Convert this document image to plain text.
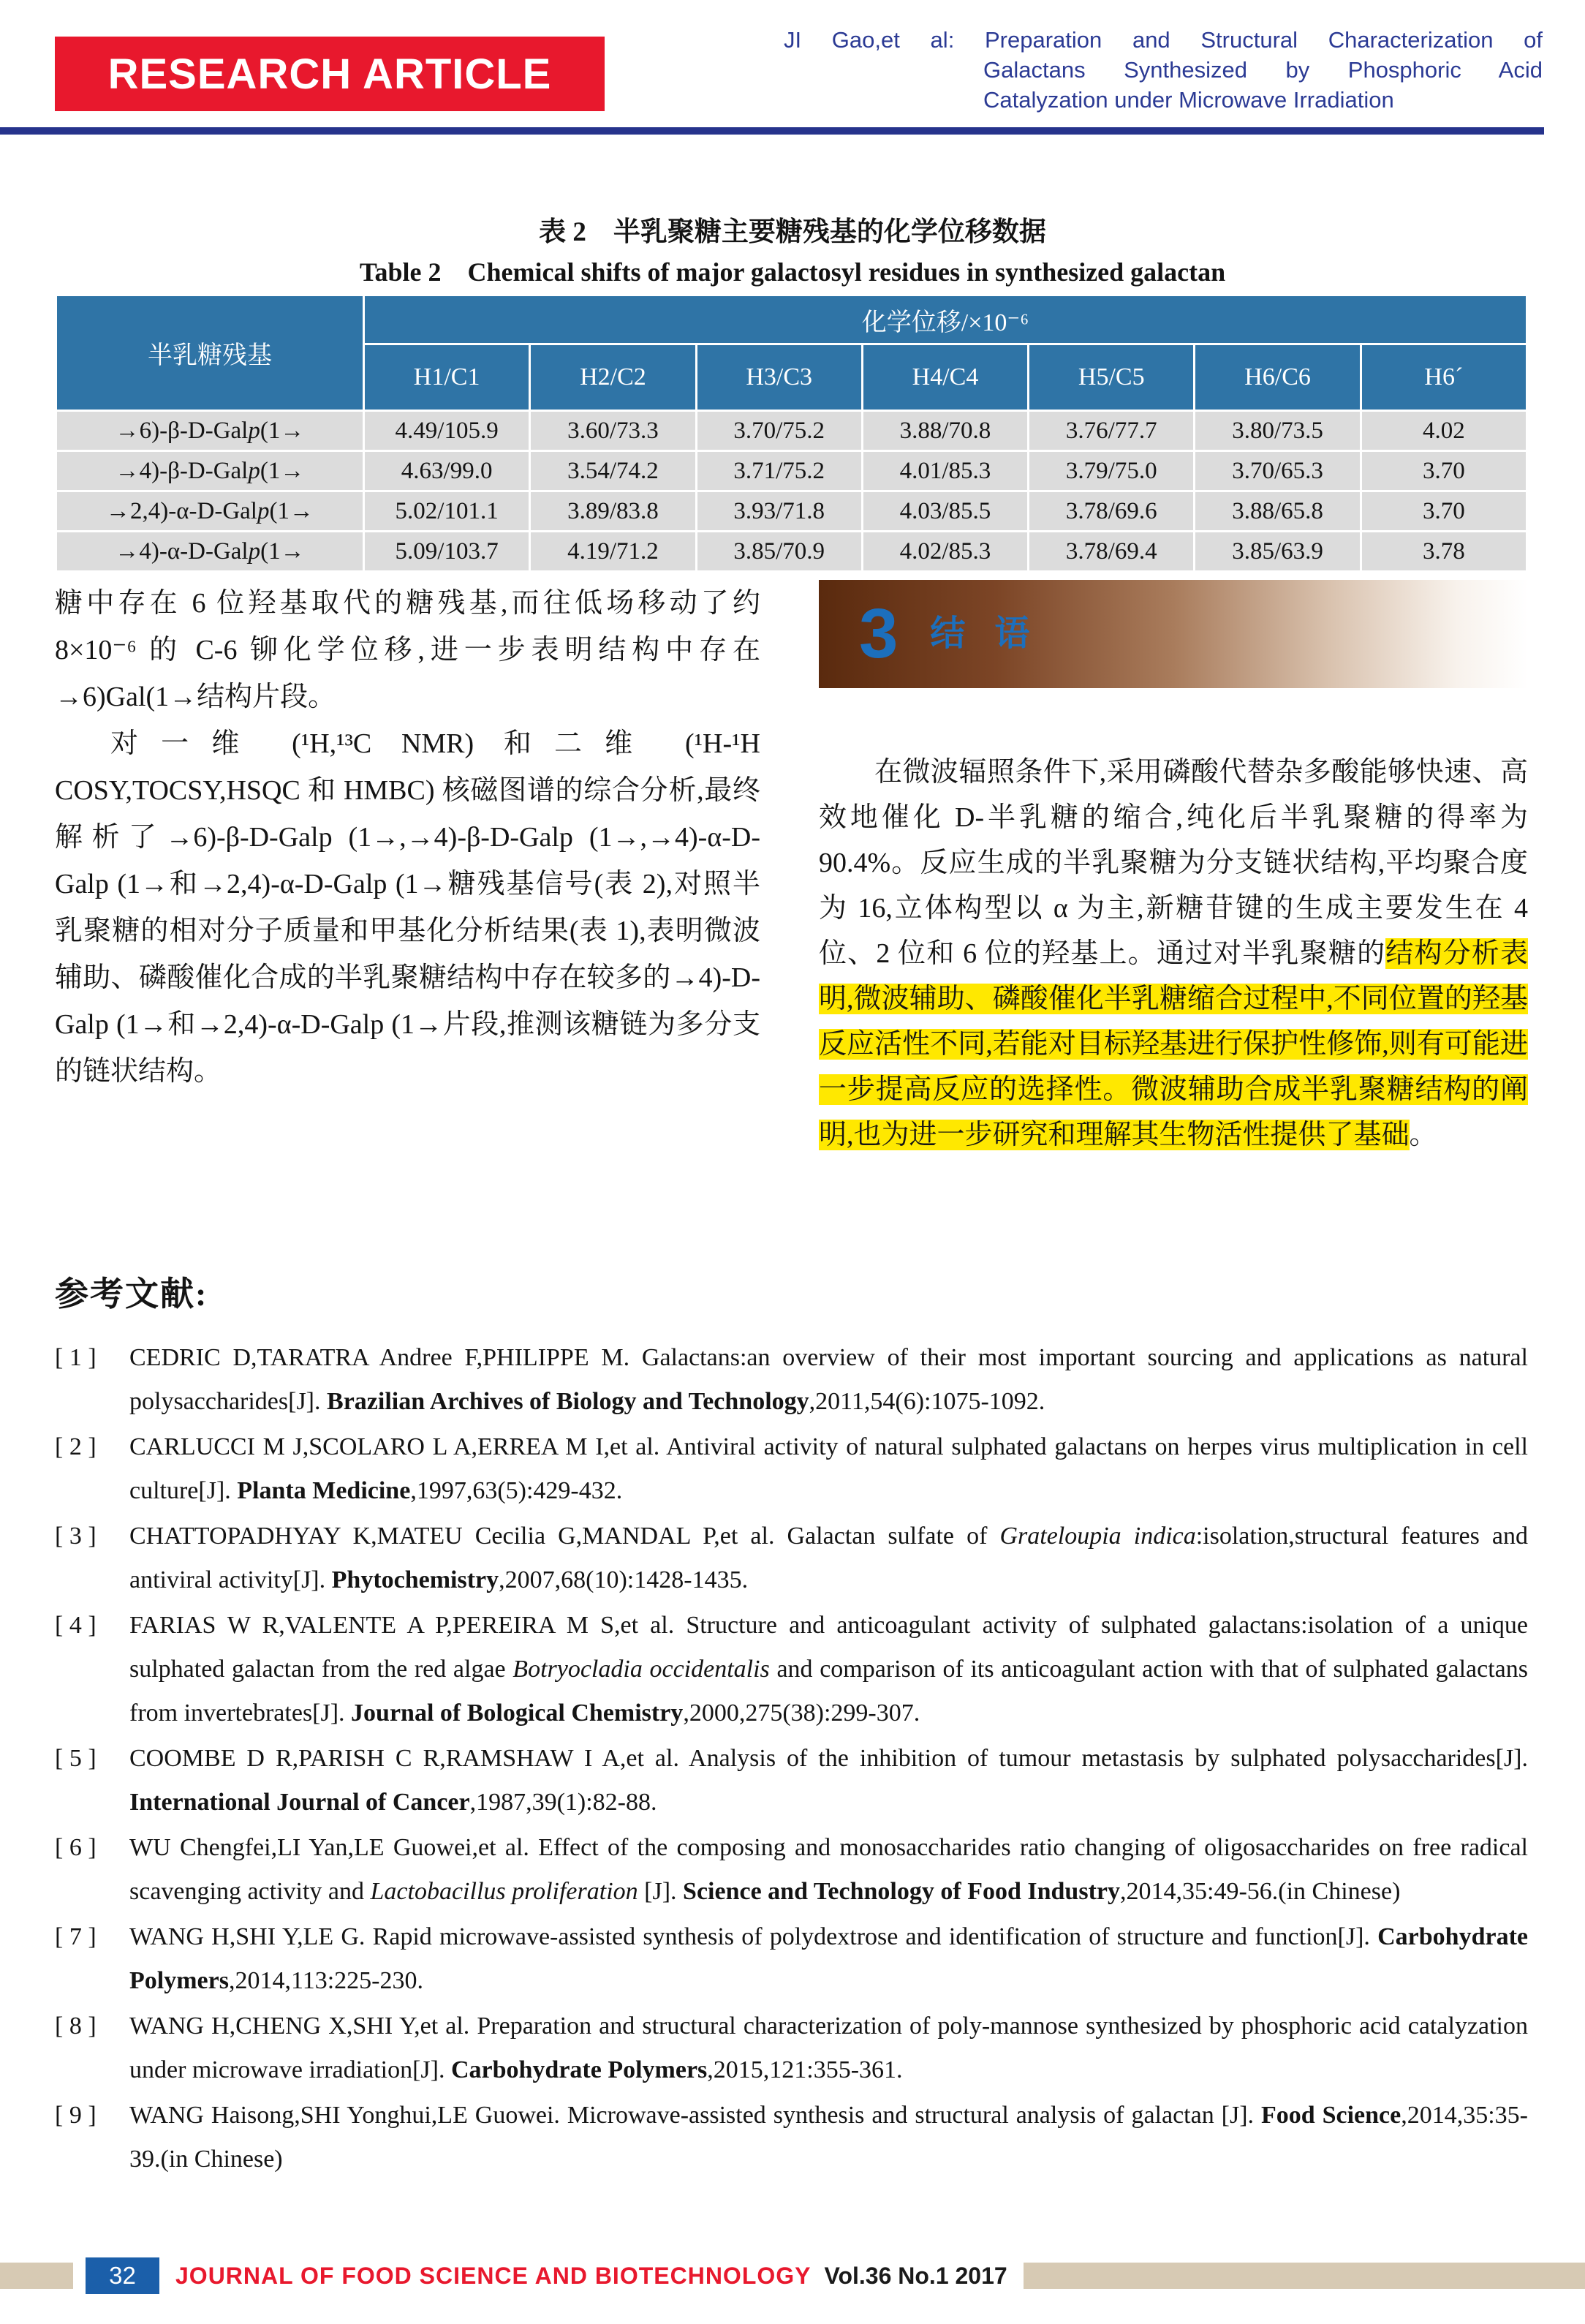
RESEARCH ARTICLE
JI Gao,et al: Preparation and Structural Characterization of
Galactans Synthesized by Phosphoric Acid
Catalyzation under Microwave Irradiation
表 2　半乳聚糖主要糖残基的化学位移数据
Table 2　Chemical shifts of major galactosyl residues in synthesized galactan
半乳糖残基	化学位移/×10⁻⁶						
	H1/C1	H2/C2	H3/C3	H4/C4	H5/C5	H6/C6	H6´
→6)-β-D-Galp(1→	4.49/105.9	3.60/73.3	3.70/75.2	3.88/70.8	3.76/77.7	3.80/73.5	4.02
→4)-β-D-Galp(1→	4.63/99.0	3.54/74.2	3.71/75.2	4.01/85.3	3.79/75.0	3.70/65.3	3.70
→2,4)-α-D-Galp(1→	5.02/101.1	3.89/83.8	3.93/71.8	4.03/85.5	3.78/69.6	3.88/65.8	3.70
→4)-α-D-Galp(1→	5.09/103.7	4.19/71.2	3.85/70.9	4.02/85.3	3.78/69.4	3.85/63.9	3.78

糖中存在 6 位羟基取代的糖残基,而往低场移动了约 8×10⁻⁶ 的 C-6 铆化学位移,进一步表明结构中存在→6)Gal(1→结构片段。

对一维 (¹H,¹³C NMR) 和二维 (¹H-¹H COSY,TOCSY,HSQC 和 HMBC) 核磁图谱的综合分析,最终解析了→6)-β-D-Galp (1→,→4)-β-D-Galp (1→,→4)-α-D-Galp (1→和→2,4)-α-D-Galp (1→糖残基信号(表 2),对照半乳聚糖的相对分子质量和甲基化分析结果(表 1),表明微波辅助、磷酸催化合成的半乳聚糖结构中存在较多的→4)-D-Galp (1→和→2,4)-α-D-Galp (1→片段,推测该糖链为多分支的链状结构。

3 结 语

在微波辐照条件下,采用磷酸代替杂多酸能够快速、高效地催化 D-半乳糖的缩合,纯化后半乳聚糖的得率为 90.4%。反应生成的半乳聚糖为分支链状结构,平均聚合度为 16,立体构型以 α 为主,新糖苷键的生成主要发生在 4 位、2 位和 6 位的羟基上。通过对半乳聚糖的结构分析表明,微波辅助、磷酸催化半乳糖缩合过程中,不同位置的羟基反应活性不同,若能对目标羟基进行保护性修饰,则有可能进一步提高反应的选择性。微波辅助合成半乳聚糖结构的阐明,也为进一步研究和理解其生物活性提供了基础。

参考文献:
[ 1 ] CEDRIC D,TARATRA Andree F,PHILIPPE M. Galactans:an overview of their most important sourcing and applications as natural polysaccharides[J]. Brazilian Archives of Biology and Technology,2011,54(6):1075-1092.
[ 2 ] CARLUCCI M J,SCOLARO L A,ERREA M I,et al. Antiviral activity of natural sulphated galactans on herpes virus multiplication in cell culture[J]. Planta Medicine,1997,63(5):429-432.
[ 3 ] CHATTOPADHYAY K,MATEU Cecilia G,MANDAL P,et al. Galactan sulfate of Grateloupia indica:isolation,structural features and antiviral activity[J]. Phytochemistry,2007,68(10):1428-1435.
[ 4 ] FARIAS W R,VALENTE A P,PEREIRA M S,et al. Structure and anticoagulant activity of sulphated galactans:isolation of a unique sulphated galactan from the red algae Botryocladia occidentalis and comparison of its anticoagulant action with that of sulphated galactans from invertebrates[J]. Journal of Bological Chemistry,2000,275(38):299-307.
[ 5 ] COOMBE D R,PARISH C R,RAMSHAW I A,et al. Analysis of the inhibition of tumour metastasis by sulphated polysaccharides[J]. International Journal of Cancer,1987,39(1):82-88.
[ 6 ] WU Chengfei,LI Yan,LE Guowei,et al. Effect of the composing and monosaccharides ratio changing of oligosaccharides on free radical scavenging activity and Lactobacillus proliferation [J]. Science and Technology of Food Industry,2014,35:49-56.(in Chinese)
[ 7 ] WANG H,SHI Y,LE G. Rapid microwave-assisted synthesis of polydextrose and identification of structure and function[J]. Carbohydrate Polymers,2014,113:225-230.
[ 8 ] WANG H,CHENG X,SHI Y,et al. Preparation and structural characterization of poly-mannose synthesized by phosphoric acid catalyzation under microwave irradiation[J]. Carbohydrate Polymers,2015,121:355-361.
[ 9 ] WANG Haisong,SHI Yonghui,LE Guowei. Microwave-assisted synthesis and structural analysis of galactan [J]. Food Science,2014,35:35-39.(in Chinese)
32 JOURNAL OF FOOD SCIENCE AND BIOTECHNOLOGY Vol.36 No.1 2017
